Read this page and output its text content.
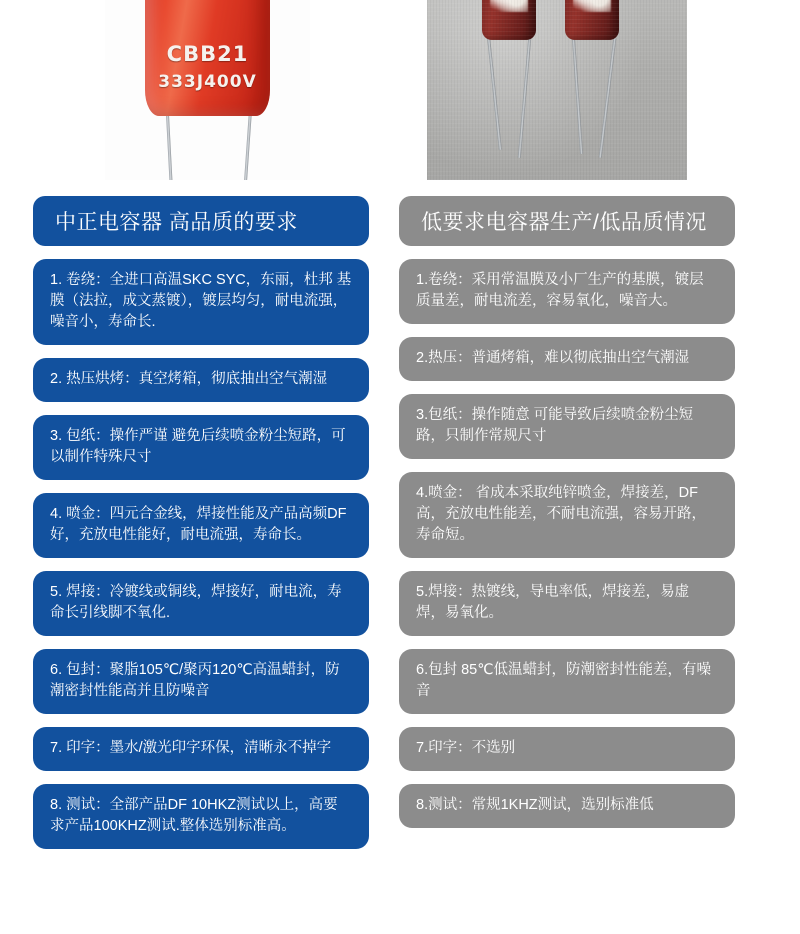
CBB21
333J400V
中正电容器 高品质的要求
1. 卷绕：全进口高温SKC SYC，东丽，杜邦 基膜（法拉，成文蒸镀），镀层均匀，耐电流强，噪音小，寿命长.
2. 热压烘烤：真空烤箱，彻底抽出空气潮湿
3. 包纸：操作严谨 避免后续喷金粉尘短路，可以制作特殊尺寸
4. 喷金：四元合金线，焊接性能及产品高频DF好，充放电性能好，耐电流强，寿命长。
5. 焊接：冷镀线或铜线，焊接好，耐电流，寿命长引线脚不氧化.
6. 包封：聚脂105℃/聚丙120℃高温蜡封，防潮密封性能高并且防噪音
7. 印字：墨水/激光印字环保，清晰永不掉字
8. 测试：全部产品DF 10HKZ测试以上，高要求产品100KHZ测试.整体选别标准高。
低要求电容器生产/低品质情况
1.卷绕：采用常温膜及小厂生产的基膜，镀层质量差，耐电流差，容易氧化，噪音大。
2.热压：普通烤箱，难以彻底抽出空气潮湿
3.包纸：操作随意 可能导致后续喷金粉尘短路，只制作常规尺寸
4.喷金： 省成本采取纯锌喷金，焊接差，DF高，充放电性能差，不耐电流强，容易开路，寿命短。
5.焊接：热镀线，导电率低，焊接差，易虚焊，易氧化。
6.包封 85℃低温蜡封，防潮密封性能差，有噪音
7.印字：不选别
8.测试：常规1KHZ测试，选别标准低
